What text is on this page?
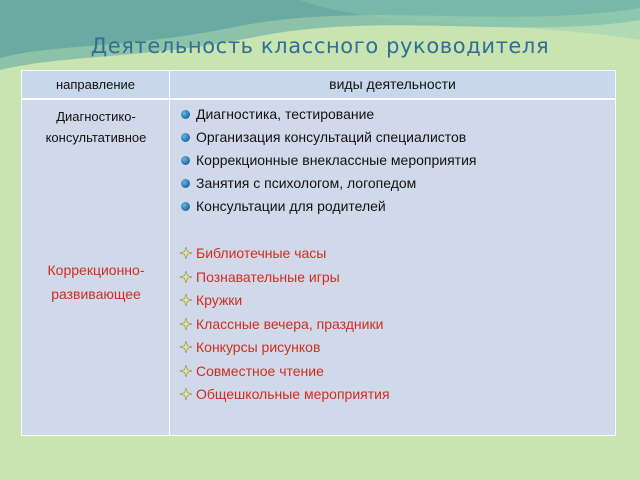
Деятельность классного руководителя
направление	виды деятельности
Диагностико-
консультативное
Коррекционно-
развивающее
Диагностика, тестирование
Организация консультаций специалистов
Коррекционные внеклассные мероприятия
Занятия с психологом, логопедом
Консультации для родителей
Библиотечные часы
Познавательные игры
Кружки
Классные вечера, праздники
Конкурсы рисунков
Совместное чтение
Общешкольные мероприятия
